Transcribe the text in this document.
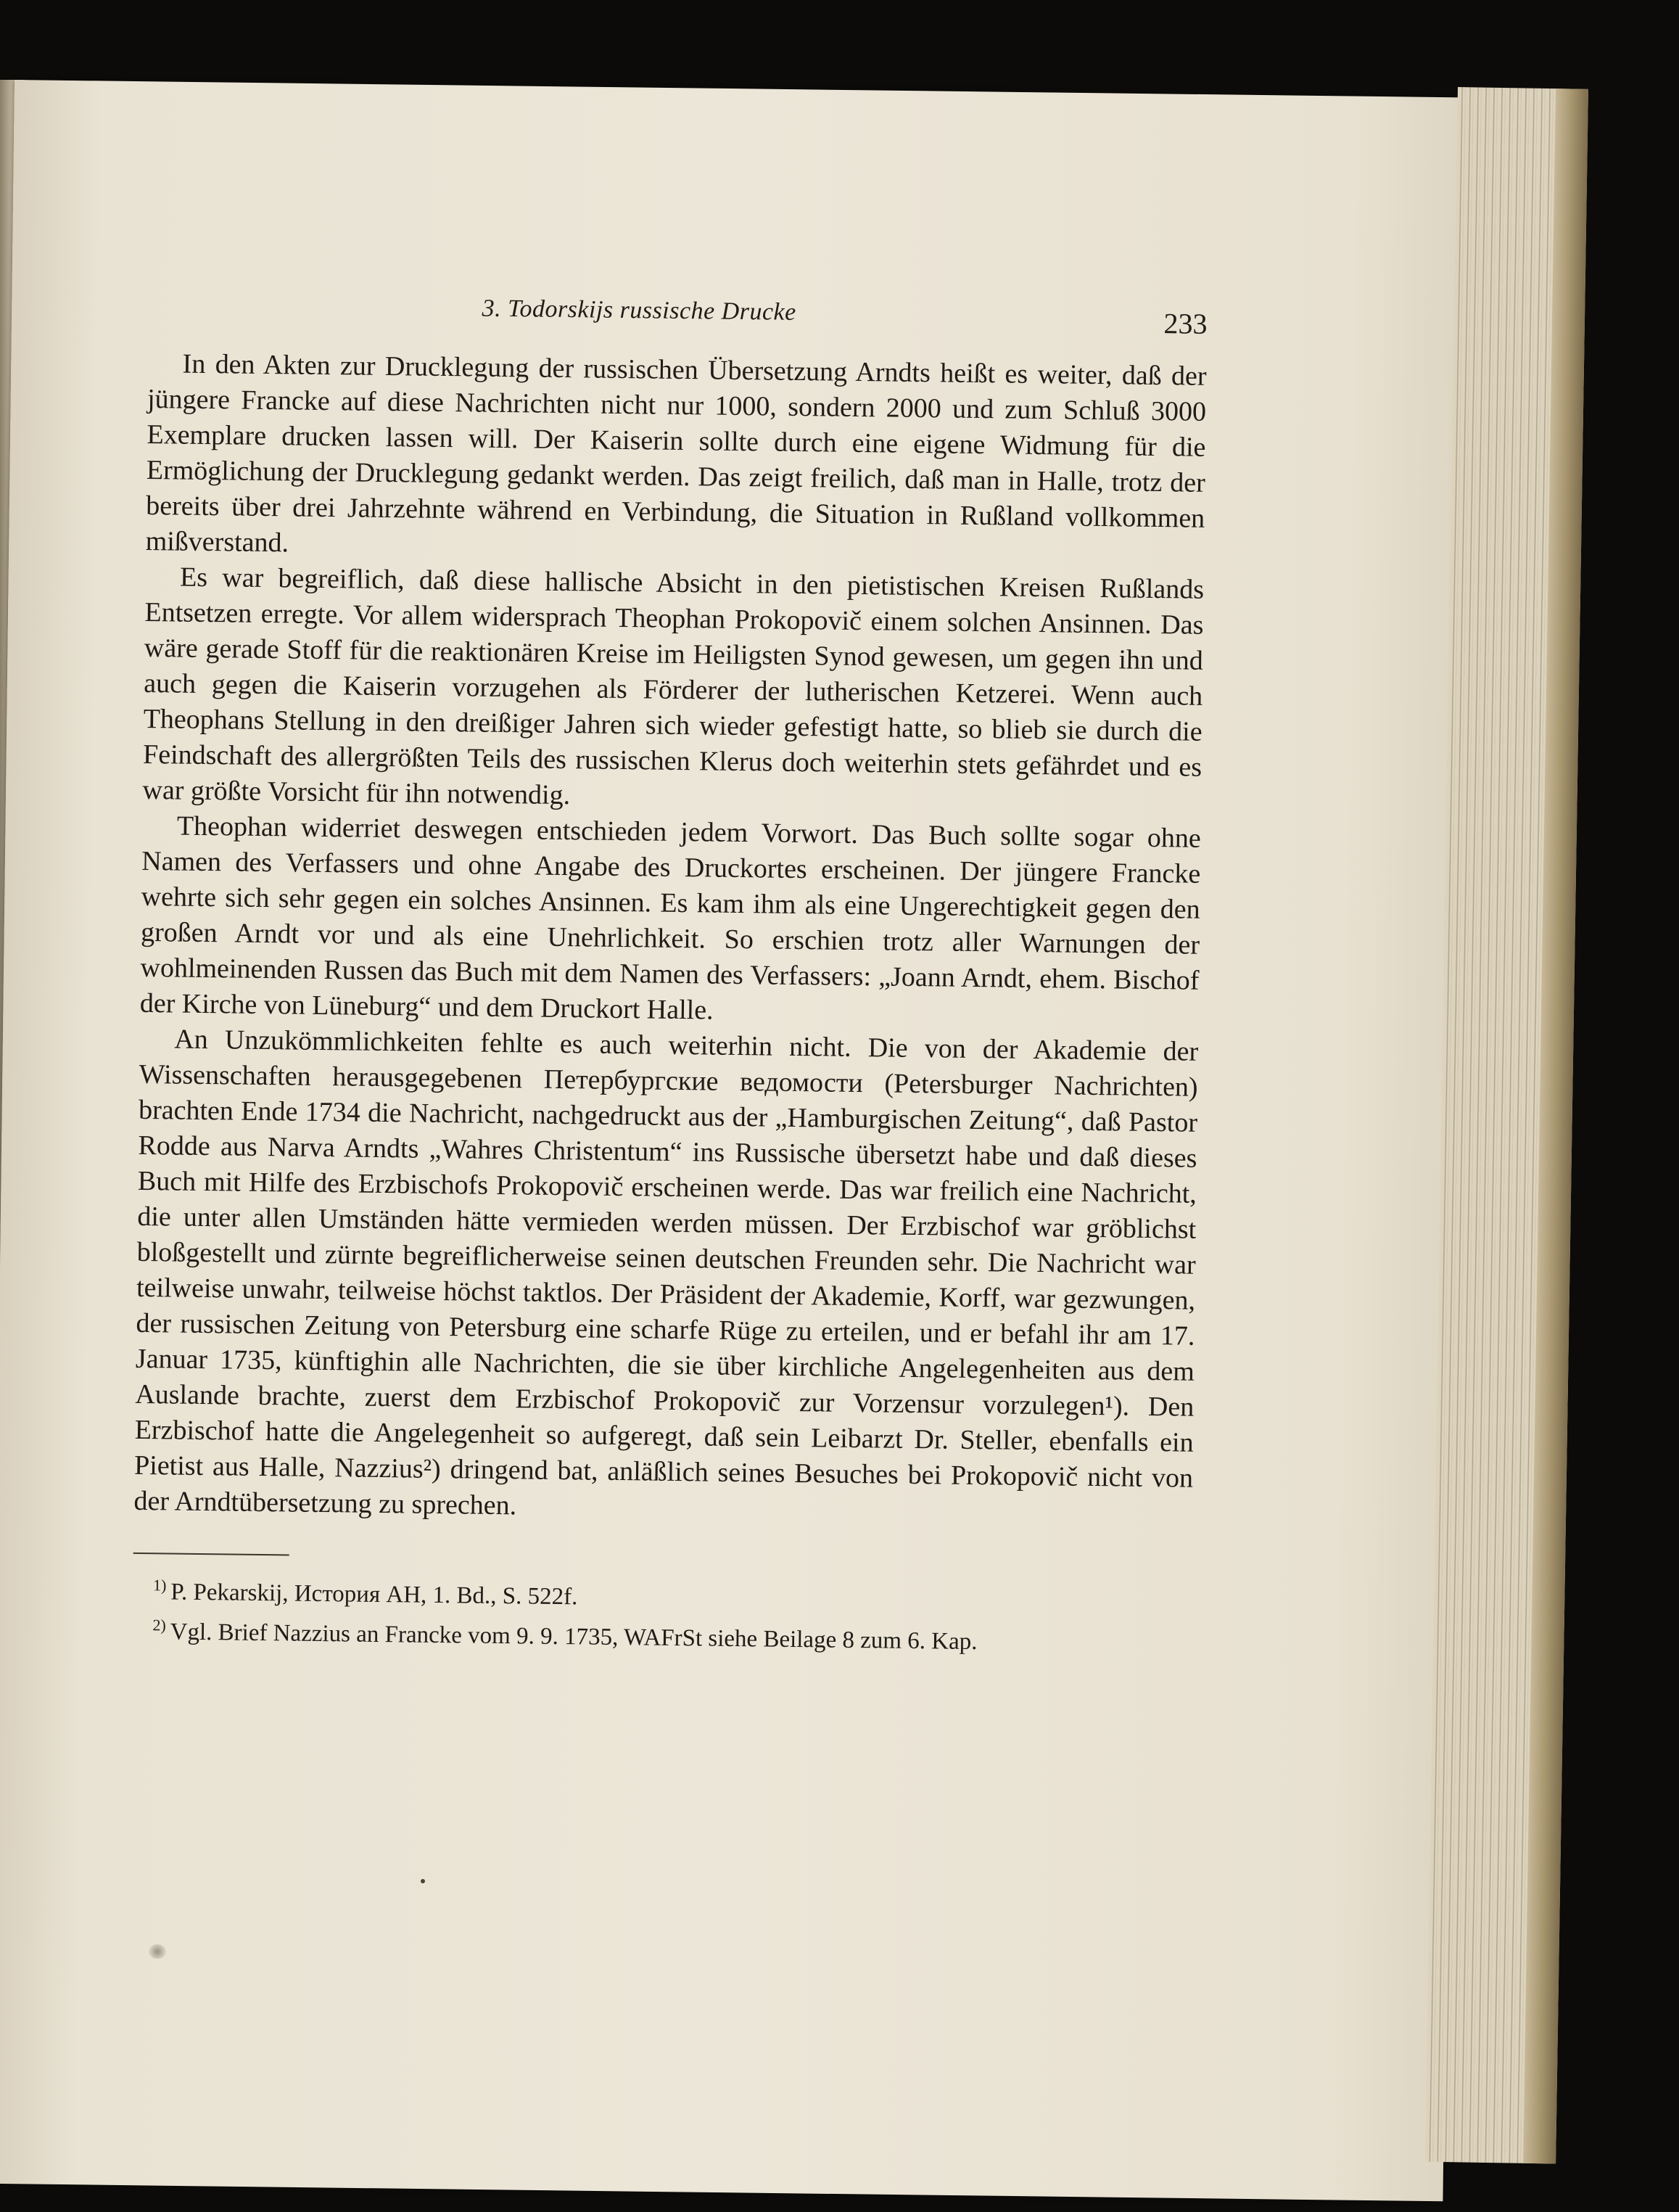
3. Todorskijs russische Drucke	233

In den Akten zur Drucklegung der russischen Übersetzung Arndts heißt es weiter, daß der jüngere Francke auf diese Nachrichten nicht nur 1000, sondern 2000 und zum Schluß 3000 Exemplare drucken lassen will. Der Kaiserin sollte durch eine eigene Widmung für die Ermöglichung der Drucklegung gedankt werden. Das zeigt freilich, daß man in Halle, trotz der bereits über drei Jahrzehnte während en Verbindung, die Situation in Rußland vollkommen mißverstand.

Es war begreiflich, daß diese hallische Absicht in den pietistischen Kreisen Rußlands Entsetzen erregte. Vor allem widersprach Theophan Prokopovič einem solchen Ansinnen. Das wäre gerade Stoff für die reaktionären Kreise im Heiligsten Synod gewesen, um gegen ihn und auch gegen die Kaiserin vorzugehen als Förderer der lutherischen Ketzerei. Wenn auch Theophans Stellung in den dreißiger Jahren sich wieder gefestigt hatte, so blieb sie durch die Feindschaft des allergrößten Teils des russischen Klerus doch weiterhin stets gefährdet und es war größte Vorsicht für ihn notwendig.

Theophan widerriet deswegen entschieden jedem Vorwort. Das Buch sollte sogar ohne Namen des Verfassers und ohne Angabe des Druckortes erscheinen. Der jüngere Francke wehrte sich sehr gegen ein solches Ansinnen. Es kam ihm als eine Ungerechtigkeit gegen den großen Arndt vor und als eine Unehrlichkeit. So erschien trotz aller Warnungen der wohlmeinenden Russen das Buch mit dem Namen des Verfassers: „Joann Arndt, ehem. Bischof der Kirche von Lüneburg“ und dem Druckort Halle.

An Unzukömmlichkeiten fehlte es auch weiterhin nicht. Die von der Akademie der Wissenschaften herausgegebenen Петербургские ведомости (Petersburger Nachrichten) brachten Ende 1734 die Nachricht, nachgedruckt aus der „Hamburgischen Zeitung“, daß Pastor Rodde aus Narva Arndts „Wahres Christentum“ ins Russische übersetzt habe und daß dieses Buch mit Hilfe des Erzbischofs Prokopovič erscheinen werde. Das war freilich eine Nachricht, die unter allen Umständen hätte vermieden werden müssen. Der Erzbischof war gröblichst bloßgestellt und zürnte begreiflicherweise seinen deutschen Freunden sehr. Die Nachricht war teilweise unwahr, teilweise höchst taktlos. Der Präsident der Akademie, Korff, war gezwungen, der russischen Zeitung von Petersburg eine scharfe Rüge zu erteilen, und er befahl ihr am 17. Januar 1735, künftighin alle Nachrichten, die sie über kirchliche Angelegenheiten aus dem Auslande brachte, zuerst dem Erzbischof Prokopovič zur Vorzensur vorzulegen¹). Den Erzbischof hatte die Angelegenheit so aufgeregt, daß sein Leibarzt Dr. Steller, ebenfalls ein Pietist aus Halle, Nazzius²) dringend bat, anläßlich seines Besuches bei Prokopovič nicht von der Arndtübersetzung zu sprechen.

$^{1)}$ P. Pekarskij, История АН, 1. Bd., S. 522f.
$^{2)}$ Vgl. Brief Nazzius an Francke vom 9. 9. 1735, WAFrSt siehe Beilage 8 zum 6. Kap.
